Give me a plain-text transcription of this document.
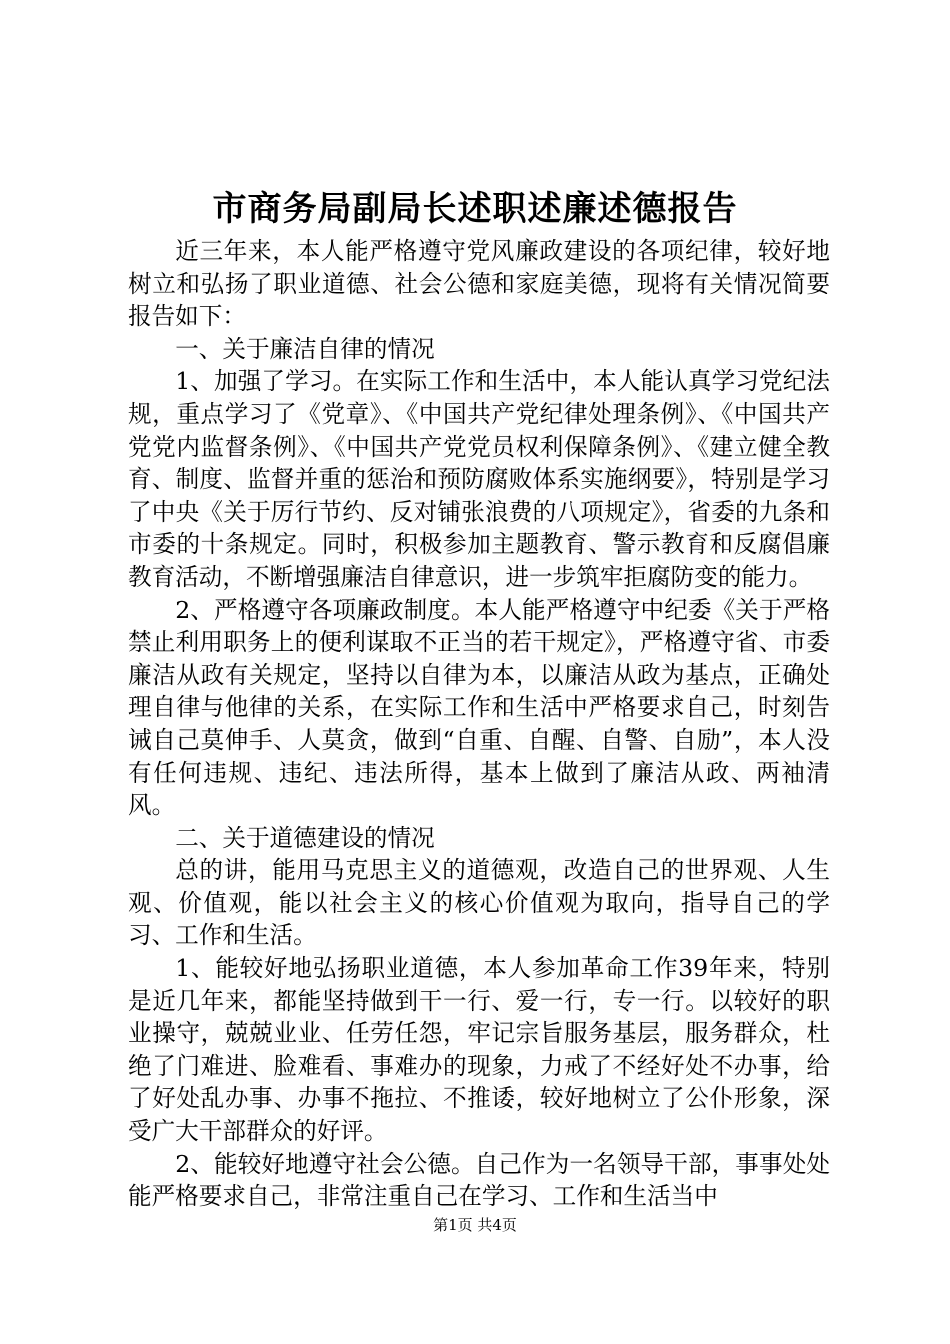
市商务局副局长述职述廉述德报告

近三年来，本人能严格遵守党风廉政建设的各项纪律，较好地树立和弘扬了职业道德、社会公德和家庭美德，现将有关情况简要报告如下：

一、关于廉洁自律的情况

1、加强了学习。在实际工作和生活中，本人能认真学习党纪法规，重点学习了《党章》、《中国共产党纪律处理条例》、《中国共产党党内监督条例》、《中国共产党党员权利保障条例》、《建立健全教育、制度、监督并重的惩治和预防腐败体系实施纲要》，特别是学习了中央《关于厉行节约、反对铺张浪费的八项规定》，省委的九条和市委的十条规定。同时，积极参加主题教育、警示教育和反腐倡廉教育活动，不断增强廉洁自律意识，进一步筑牢拒腐防变的能力。

2、严格遵守各项廉政制度。本人能严格遵守中纪委《关于严格禁止利用职务上的便利谋取不正当的若干规定》，严格遵守省、市委廉洁从政有关规定，坚持以自律为本，以廉洁从政为基点，正确处理自律与他律的关系，在实际工作和生活中严格要求自己，时刻告诫自己莫伸手、人莫贪，做到“自重、自醒、自警、自励”，本人没有任何违规、违纪、违法所得，基本上做到了廉洁从政、两袖清风。

二、关于道德建设的情况

总的讲，能用马克思主义的道德观，改造自己的世界观、人生观、价值观，能以社会主义的核心价值观为取向，指导自己的学习、工作和生活。

1、能较好地弘扬职业道德，本人参加革命工作39年来，特别是近几年来，都能坚持做到干一行、爱一行，专一行。以较好的职业操守，兢兢业业、任劳任怨，牢记宗旨服务基层，服务群众，杜绝了门难进、脸难看、事难办的现象，力戒了不经好处不办事，给了好处乱办事、办事不拖拉、不推诿，较好地树立了公仆形象，深受广大干部群众的好评。

2、能较好地遵守社会公德。自己作为一名领导干部，事事处处能严格要求自己，非常注重自己在学习、工作和生活当中

第1页 共4页
